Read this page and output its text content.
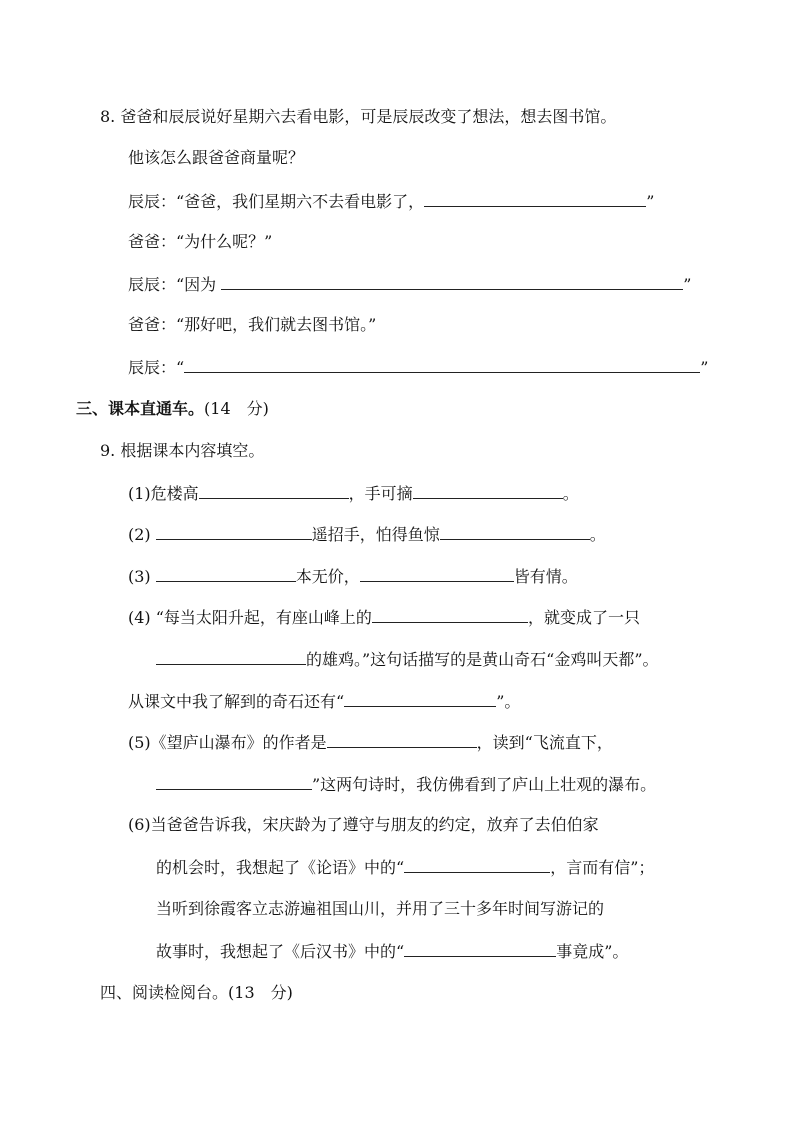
8. 爸爸和辰辰说好星期六去看电影，可是辰辰改变了想法，想去图书馆。
他该怎么跟爸爸商量呢？
辰辰：“爸爸，我们星期六不去看电影了，	”
爸爸：“为什么呢？”
辰辰：“因为	”
爸爸：“那好吧，我们就去图书馆。”
辰辰：“	”
三、课本直通车。(14　分)
9. 根据课本内容填空。
(1)危楼高	，手可摘	。
(2)	遥招手，怕得鱼惊	。
(3)	本无价，	皆有情。
(4) “每当太阳升起，有座山峰上的	，就变成了一只
的雄鸡。”这句话描写的是黄山奇石“金鸡叫天都”。
从课文中我了解到的奇石还有“	”。
(5)《望庐山瀑布》的作者是	，读到“飞流直下，
”这两句诗时，我仿佛看到了庐山上壮观的瀑布。
(6)当爸爸告诉我，宋庆龄为了遵守与朋友的约定，放弃了去伯伯家
的机会时，我想起了《论语》中的“	，言而有信”；
当听到徐霞客立志游遍祖国山川，并用了三十多年时间写游记的
故事时，我想起了《后汉书》中的“	事竟成”。
四、阅读检阅台。(13　分)
